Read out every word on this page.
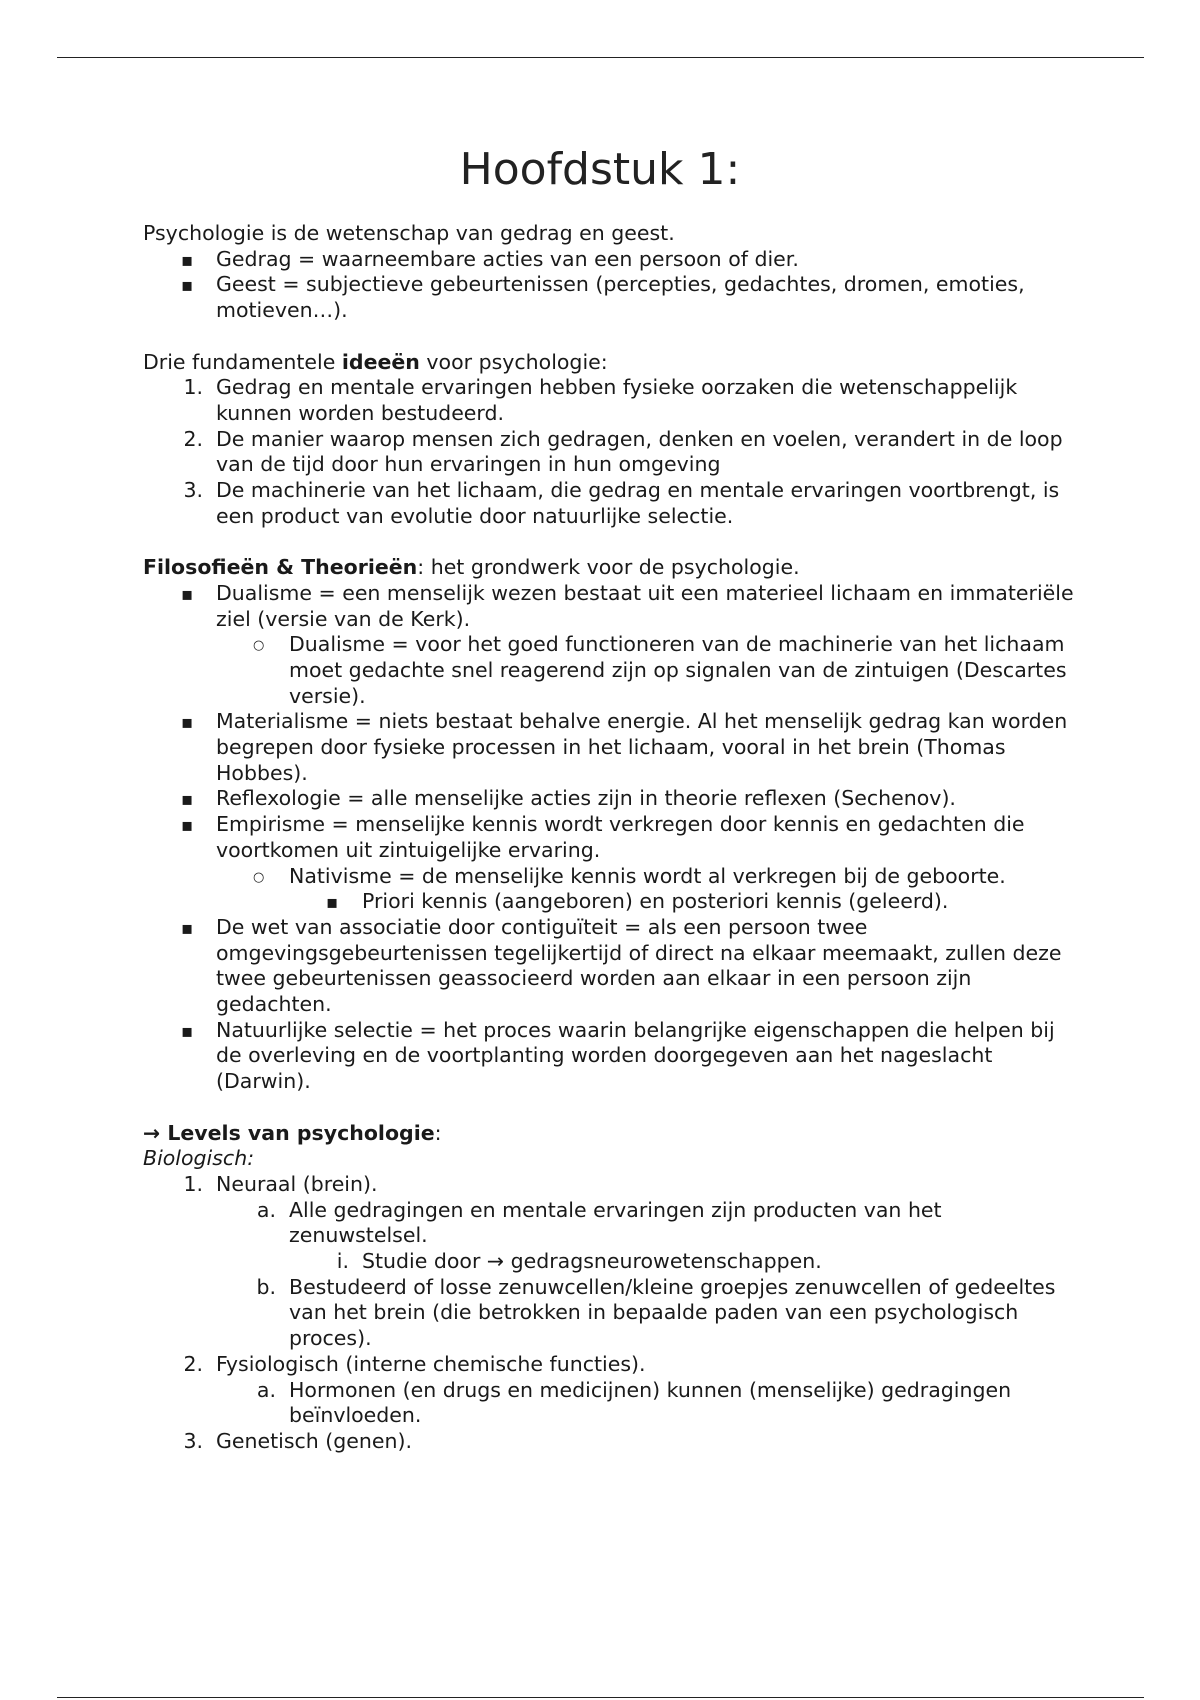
Hoofdstuk 1:

Psychologie is de wetenschap van gedrag en geest.

▪
Gedrag = waarneembare acties van een persoon of dier.
▪
Geest = subjectieve gebeurtenissen (percepties, gedachtes, dromen, emoties, motieven…).

Drie fundamentele ideeën voor psychologie:

1. Gedrag en mentale ervaringen hebben fysieke oorzaken die wetenschappelijk kunnen worden bestudeerd.
2. De manier waarop mensen zich gedragen, denken en voelen, verandert in de loop van de tijd door hun ervaringen in hun omgeving
3. De machinerie van het lichaam, die gedrag en mentale ervaringen voortbrengt, is een product van evolutie door natuurlijke selectie.

Filosofieën & Theorieën: het grondwerk voor de psychologie.

▪
Dualisme = een menselijk wezen bestaat uit een materieel lichaam en immateriële ziel (versie van de Kerk).
○
Dualisme = voor het goed functioneren van de machinerie van het lichaam moet gedachte snel reagerend zijn op signalen van de zintuigen (Descartes versie).
▪
Materialisme = niets bestaat behalve energie. Al het menselijk gedrag kan worden begrepen door fysieke processen in het lichaam, vooral in het brein (Thomas Hobbes).
▪
Reflexologie = alle menselijke acties zijn in theorie reflexen (Sechenov).
▪
Empirisme = menselijke kennis wordt verkregen door kennis en gedachten die voortkomen uit zintuigelijke ervaring.
○
Nativisme = de menselijke kennis wordt al verkregen bij de geboorte.
▪
Priori kennis (aangeboren) en posteriori kennis (geleerd).
▪
De wet van associatie door contiguïteit = als een persoon twee omgevingsgebeurtenissen tegelijkertijd of direct na elkaar meemaakt, zullen deze twee gebeurtenissen geassocieerd worden aan elkaar in een persoon zijn gedachten.
▪
Natuurlijke selectie = het proces waarin belangrijke eigenschappen die helpen bij de overleving en de voortplanting worden doorgegeven aan het nageslacht (Darwin).

→ Levels van psychologie:

Biologisch:

1. Neuraal (brein).
a. Alle gedragingen en mentale ervaringen zijn producten van het zenuwstelsel.
i. Studie door → gedragsneurowetenschappen.
b. Bestudeerd of losse zenuwcellen/kleine groepjes zenuwcellen of gedeeltes van het brein (die betrokken in bepaalde paden van een psychologisch proces).
2. Fysiologisch (interne chemische functies).
a. Hormonen (en drugs en medicijnen) kunnen (menselijke) gedragingen beïnvloeden.
3. Genetisch (genen).
